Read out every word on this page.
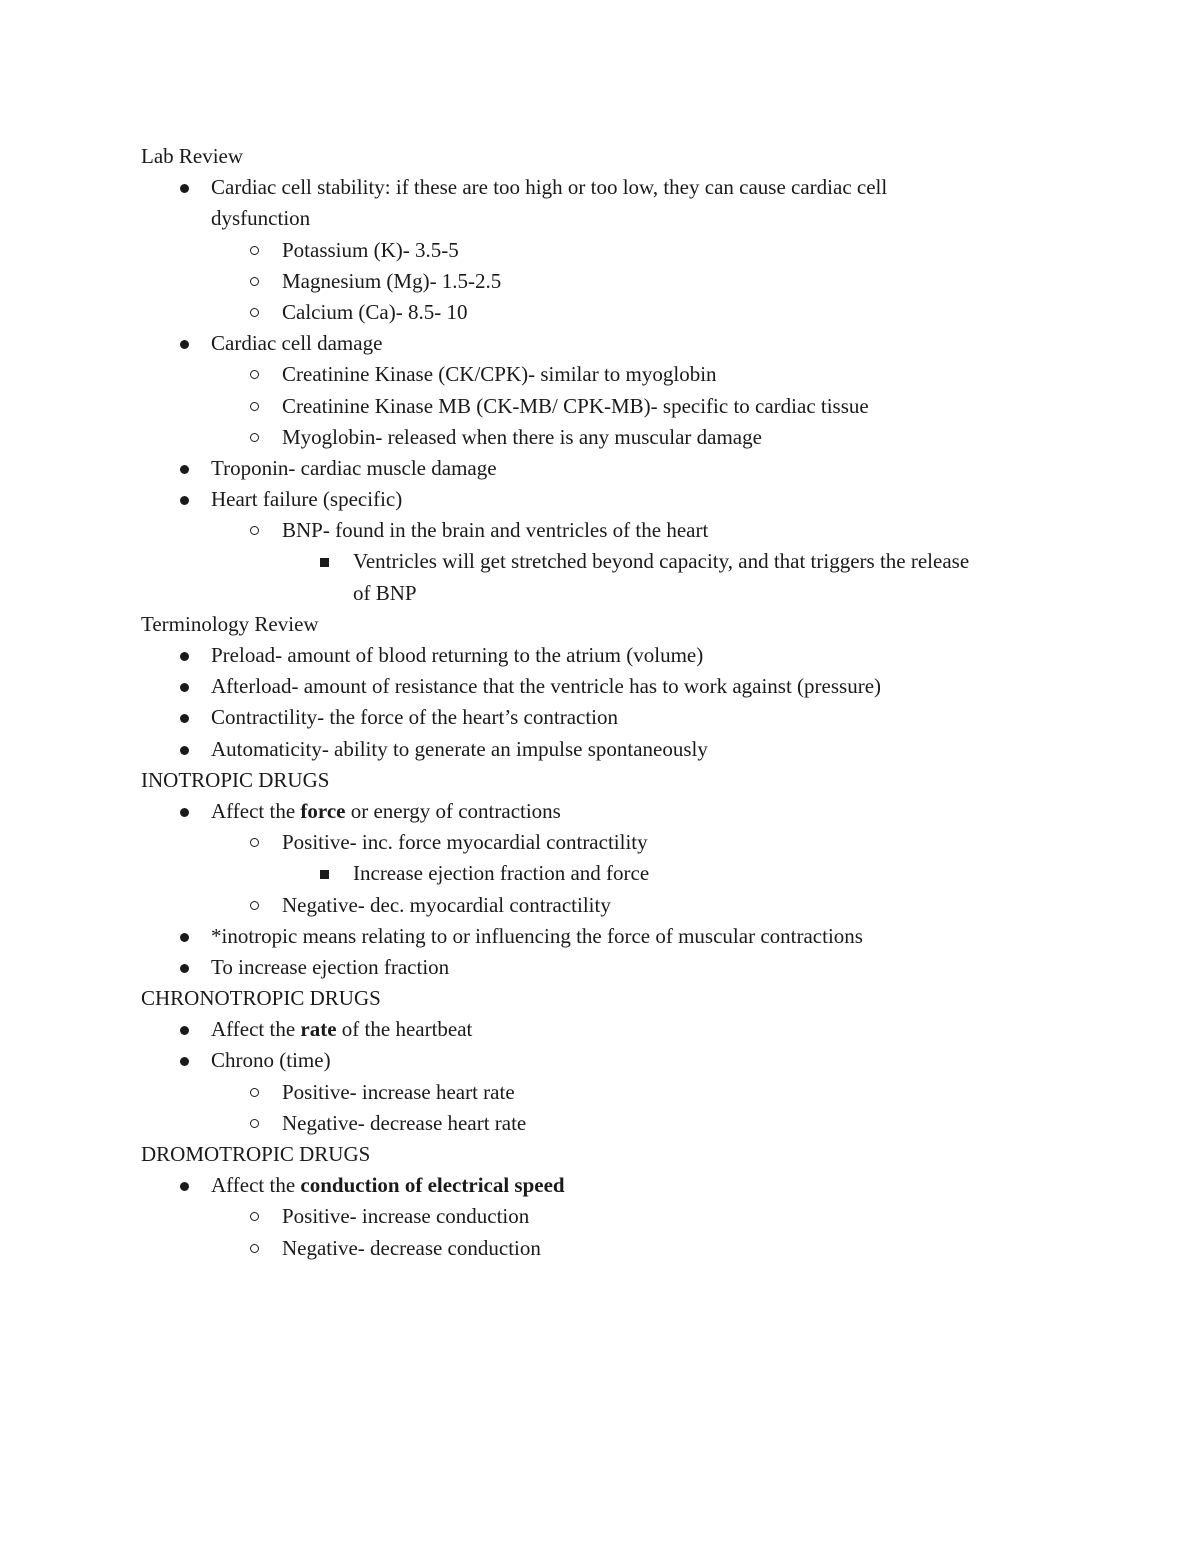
Lab Review
Cardiac cell stability: if these are too high or too low, they can cause cardiac cell
dysfunction
Potassium (K)- 3.5-5
Magnesium (Mg)- 1.5-2.5
Calcium (Ca)- 8.5- 10
Cardiac cell damage
Creatinine Kinase (CK/CPK)- similar to myoglobin
Creatinine Kinase MB (CK-MB/ CPK-MB)- specific to cardiac tissue
Myoglobin- released when there is any muscular damage
Troponin- cardiac muscle damage
Heart failure (specific)
BNP- found in the brain and ventricles of the heart
Ventricles will get stretched beyond capacity, and that triggers the release
of BNP
Terminology Review
Preload- amount of blood returning to the atrium (volume)
Afterload- amount of resistance that the ventricle has to work against (pressure)
Contractility- the force of the heart’s contraction
Automaticity- ability to generate an impulse spontaneously
INOTROPIC DRUGS
Affect the force or energy of contractions
Positive- inc. force myocardial contractility
Increase ejection fraction and force
Negative- dec. myocardial contractility
*inotropic means relating to or influencing the force of muscular contractions
To increase ejection fraction
CHRONOTROPIC DRUGS
Affect the rate of the heartbeat
Chrono (time)
Positive- increase heart rate
Negative- decrease heart rate
DROMOTROPIC DRUGS
Affect the conduction of electrical speed
Positive- increase conduction
Negative- decrease conduction
